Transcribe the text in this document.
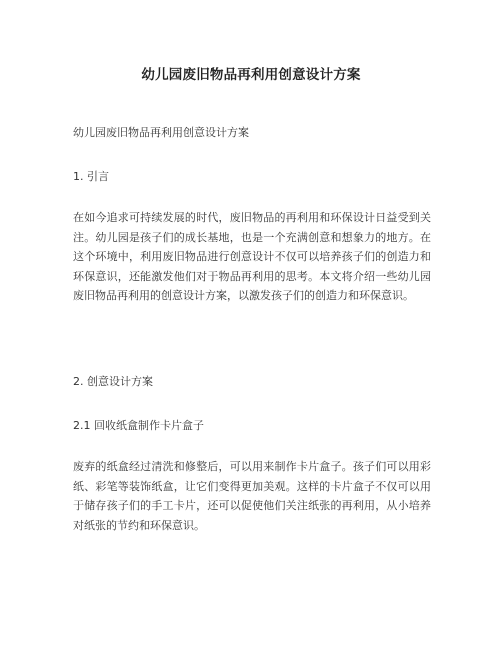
幼儿园废旧物品再利用创意设计方案

幼儿园废旧物品再利用创意设计方案

1. 引言

在如今追求可持续发展的时代，废旧物品的再利用和环保设计日益受到关注。幼儿园是孩子们的成长基地，也是一个充满创意和想象力的地方。在这个环境中，利用废旧物品进行创意设计不仅可以培养孩子们的创造力和环保意识，还能激发他们对于物品再利用的思考。本文将介绍一些幼儿园废旧物品再利用的创意设计方案，以激发孩子们的创造力和环保意识。

2. 创意设计方案

2.1 回收纸盒制作卡片盒子

废弃的纸盒经过清洗和修整后，可以用来制作卡片盒子。孩子们可以用彩纸、彩笔等装饰纸盒，让它们变得更加美观。这样的卡片盒子不仅可以用于储存孩子们的手工卡片，还可以促使他们关注纸张的再利用，从小培养对纸张的节约和环保意识。
